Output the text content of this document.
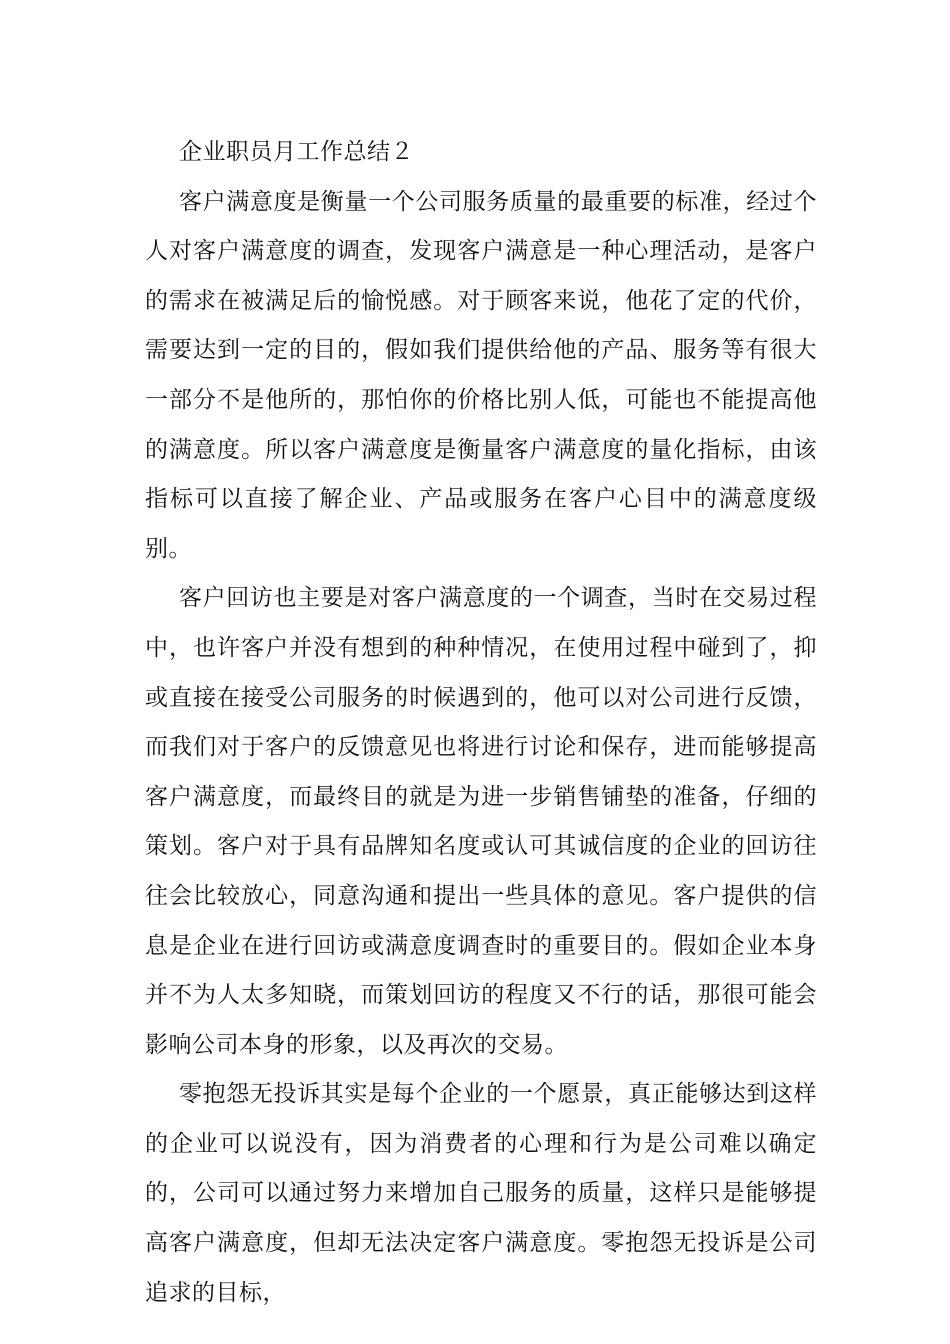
企业职员月工作总结２

客户满意度是衡量一个公司服务质量的最重要的标准，经过个人对客户满意度的调查，发现客户满意是一种心理活动，是客户的需求在被满足后的愉悦感。对于顾客来说，他花了定的代价，需要达到一定的目的，假如我们提供给他的产品、服务等有很大一部分不是他所的，那怕你的价格比别人低，可能也不能提高他的满意度。所以客户满意度是衡量客户满意度的量化指标，由该指标可以直接了解企业、产品或服务在客户心目中的满意度级别。

客户回访也主要是对客户满意度的一个调查，当时在交易过程中，也许客户并没有想到的种种情况，在使用过程中碰到了，抑或直接在接受公司服务的时候遇到的，他可以对公司进行反馈，而我们对于客户的反馈意见也将进行讨论和保存，进而能够提高客户满意度，而最终目的就是为进一步销售铺垫的准备，仔细的策划。客户对于具有品牌知名度或认可其诚信度的企业的回访往往会比较放心，同意沟通和提出一些具体的意见。客户提供的信息是企业在进行回访或满意度调查时的重要目的。假如企业本身并不为人太多知晓，而策划回访的程度又不行的话，那很可能会影响公司本身的形象，以及再次的交易。

零抱怨无投诉其实是每个企业的一个愿景，真正能够达到这样的企业可以说没有，因为消费者的心理和行为是公司难以确定的，公司可以通过努力来增加自己服务的质量，这样只是能够提高客户满意度，但却无法决定客户满意度。零抱怨无投诉是公司追求的目标，
